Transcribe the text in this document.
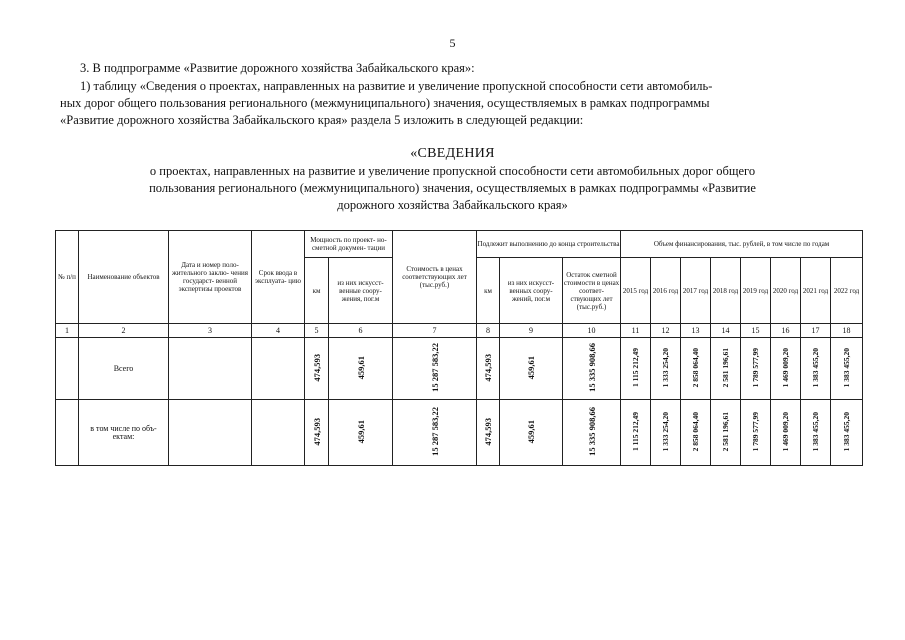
5
3. В подпрограмме «Развитие дорожного хозяйства Забайкальского края»:
1) таблицу «Сведения о проектах, направленных на развитие и увеличение пропускной способности сети автомобиль-
ных дорог общего пользования регионального (межмуниципального) значения, осуществляемых в рамках подпрограммы
«Развитие дорожного хозяйства Забайкальского края» раздела 5 изложить в следующей редакции:
«СВЕДЕНИЯ
о проектах, направленных на развитие и увеличение пропускной способности сети автомобильных дорог общего
пользования регионального (межмуниципального) значения, осуществляемых в рамках подпрограммы «Развитие
дорожного хозяйства Забайкальского края»
№ п/п	Наименование объектов	Дата и номер поло- жительного заклю- чения государст- венной экспертизы проектов	Срок ввода в эксплуата- цию	Мощность по проект- но-сметной докумен- тации		Стоимость в ценах соответствующих лет (тыс.руб.)	Подлежит выполнению до конца строительства			Объем финансирования, тыс. рублей, в том числе по годам							
				км	из них искусст- венные соору- жения, пог.м		км	из них искусст- венных соору- жений, пог.м	Остаток сметной стоимости в ценах соответ- ствующих лет (тыс.руб.)	2015 год	2016 год	2017 год	2018 год	2019 год	2020 год	2021 год	2022 год
1	2	3	4	5	6	7	8	9	10	11	12	13	14	15	16	17	18
	Всего			474,593	459,61	15 287 583,22	474,593	459,61	15 335 908,66	1 115 212,49	1 333 254,20	2 858 064,40	2 581 196,61	1 789 577,99	1 469 009,20	1 383 455,20	1 383 455,20
	в том числе по объ- ектам:			474,593	459,61	15 287 583,22	474,593	459,61	15 335 908,66	1 115 212,49	1 333 254,20	2 858 064,40	2 581 196,61	1 789 577,99	1 469 009,20	1 383 455,20	1 383 455,20
